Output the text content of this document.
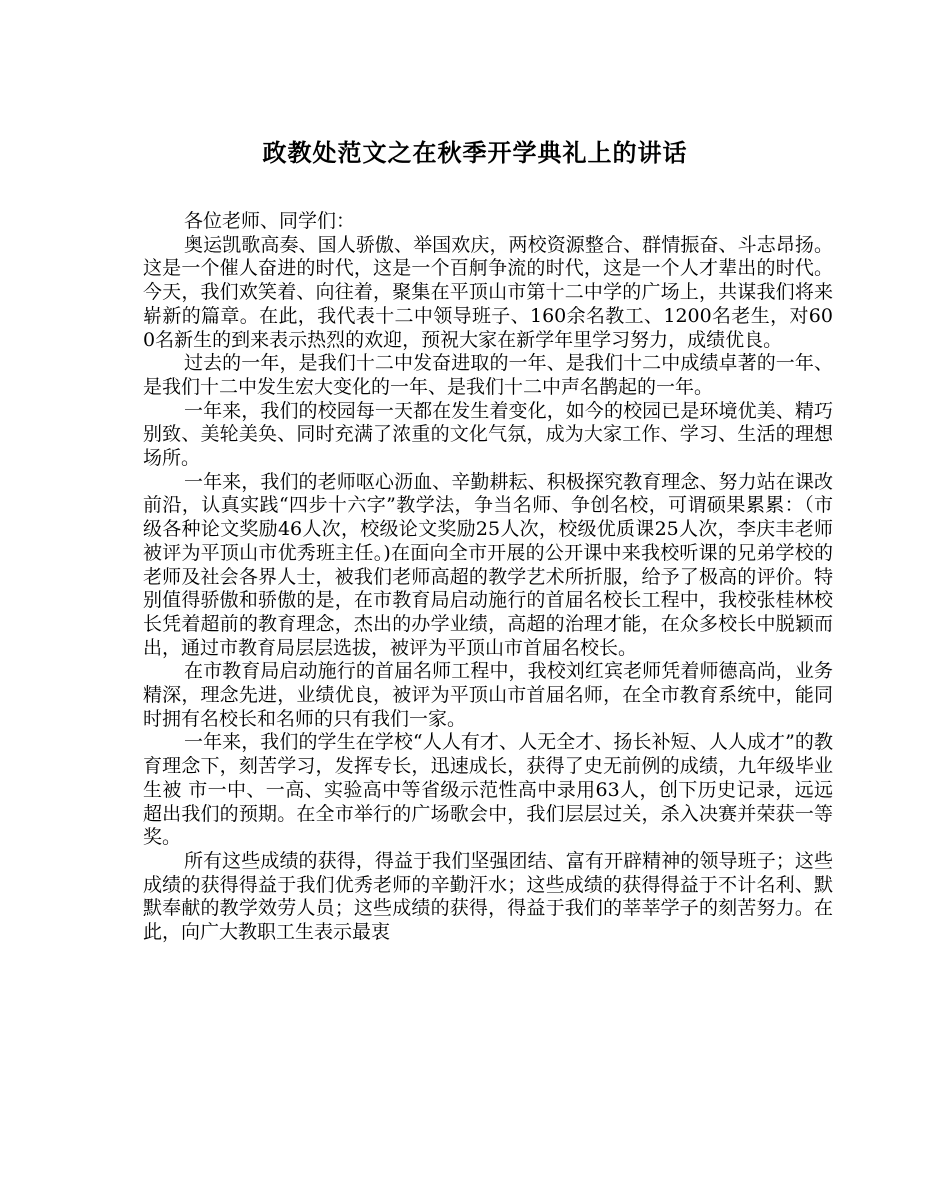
政教处范文之在秋季开学典礼上的讲话

各位老师、同学们：

奥运凯歌高奏、国人骄傲、举国欢庆，两校资源整合、群情振奋、斗志昂扬。这是一个催人奋进的时代，这是一个百舸争流的时代，这是一个人才辈出的时代。今天，我们欢笑着、向往着，聚集在平顶山市第十二中学的广场上，共谋我们将来崭新的篇章。在此，我代表十二中领导班子、160余名教工、1200名老生，对600名新生的到来表示热烈的欢迎，预祝大家在新学年里学习努力，成绩优良。

过去的一年，是我们十二中发奋进取的一年、是我们十二中成绩卓著的一年、是我们十二中发生宏大变化的一年、是我们十二中声名鹊起的一年。

一年来，我们的校园每一天都在发生着变化，如今的校园已是环境优美、精巧别致、美轮美奂、同时充满了浓重的文化气氛，成为大家工作、学习、生活的理想场所。

一年来，我们的老师呕心沥血、辛勤耕耘、积极探究教育理念、努力站在课改前沿，认真实践“四步十六字”教学法，争当名师、争创名校，可谓硕果累累：（市级各种论文奖励46人次，校级论文奖励25人次，校级优质课25人次，李庆丰老师被评为平顶山市优秀班主任。)在面向全市开展的公开课中来我校听课的兄弟学校的老师及社会各界人士，被我们老师高超的教学艺术所折服，给予了极高的评价。特别值得骄傲和骄傲的是，在市教育局启动施行的首届名校长工程中，我校张桂林校长凭着超前的教育理念，杰出的办学业绩，高超的治理才能，在众多校长中脱颖而出，通过市教育局层层选拔，被评为平顶山市首届名校长。

在市教育局启动施行的首届名师工程中，我校刘红宾老师凭着师德高尚，业务精深，理念先进，业绩优良，被评为平顶山市首届名师，在全市教育系统中，能同时拥有名校长和名师的只有我们一家。

一年来，我们的学生在学校“人人有才、人无全才、扬长补短、人人成才”的教育理念下，刻苦学习，发挥专长，迅速成长，获得了史无前例的成绩，九年级毕业生被 市一中、一高、实验高中等省级示范性高中录用63人，创下历史记录，远远超出我们的预期。在全市举行的广场歌会中，我们层层过关，杀入决赛并荣获一等奖。

所有这些成绩的获得，得益于我们坚强团结、富有开辟精神的领导班子；这些成绩的获得得益于我们优秀老师的辛勤汗水；这些成绩的获得得益于不计名利、默默奉献的教学效劳人员；这些成绩的获得，得益于我们的莘莘学子的刻苦努力。在此，向广大教职工生表示最衷
